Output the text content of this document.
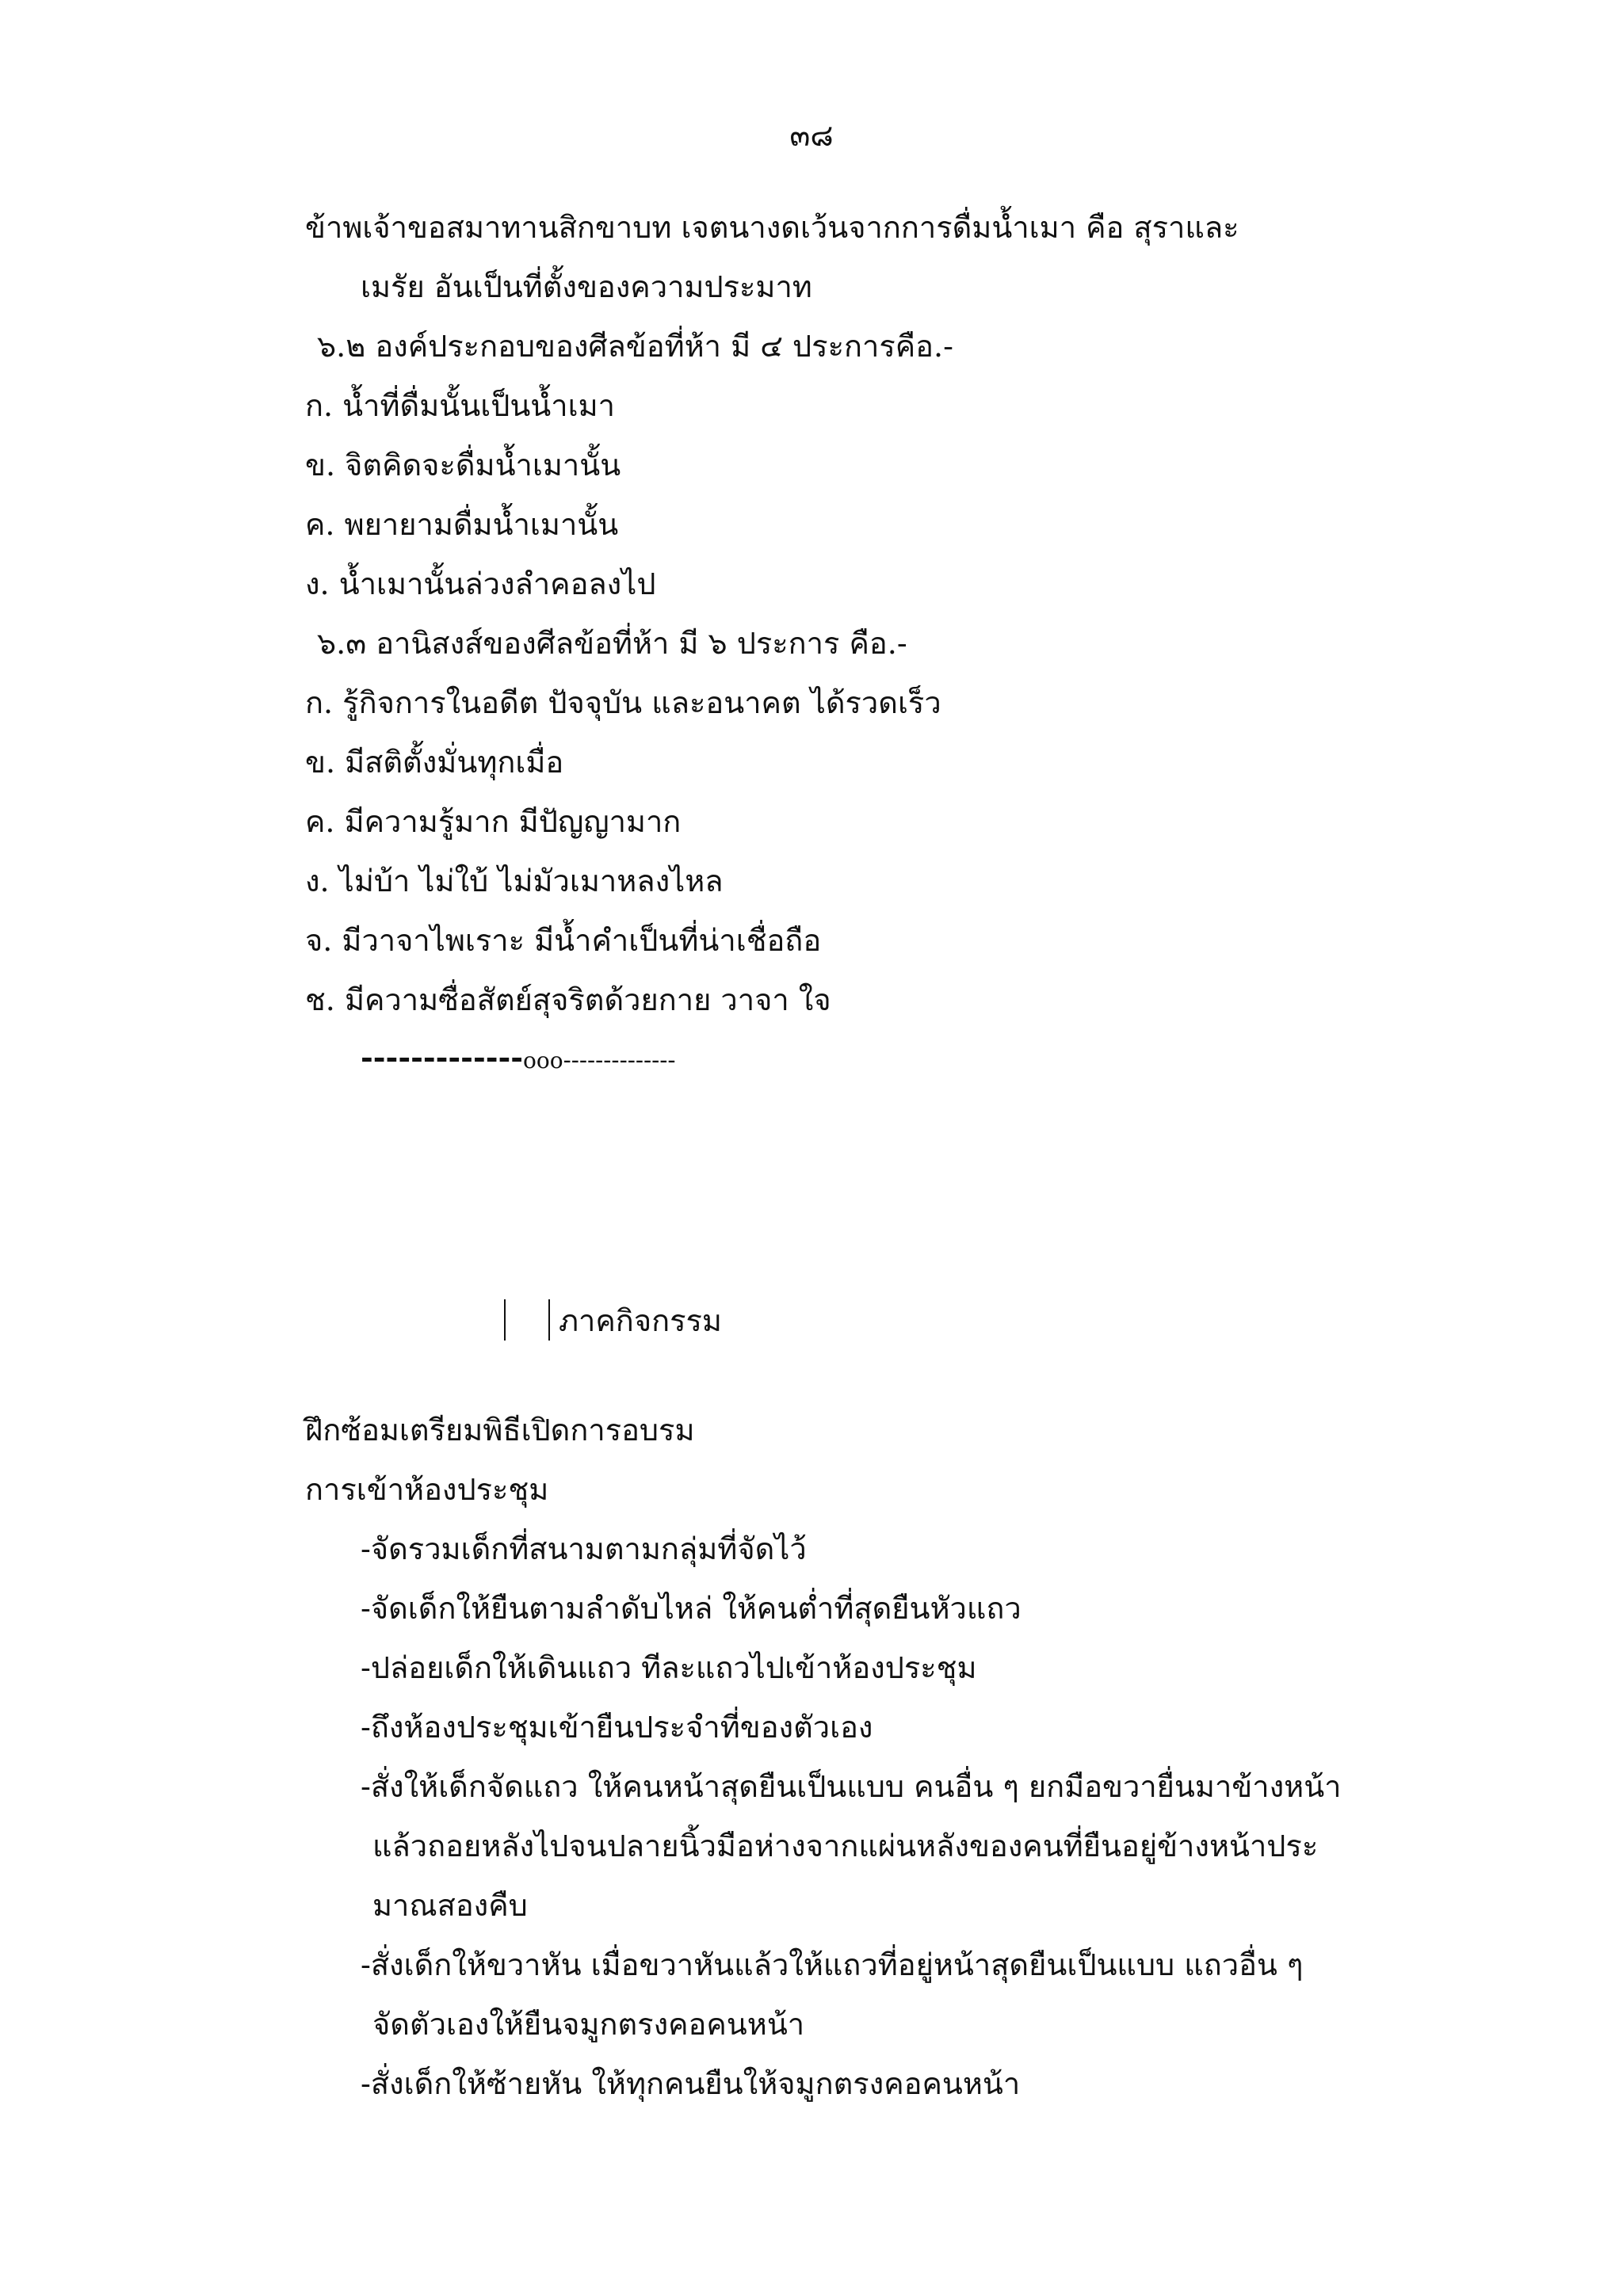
๓๘
ข้าพเจ้าขอสมาทานสิกขาบท เจตนางดเว้นจากการดื่มน้ำเมา คือ สุราและ
เมรัย อันเป็นที่ตั้งของความประมาท
๖.๒ องค์ประกอบของศีลข้อที่ห้า มี ๔ ประการคือ.-
ก. น้ำที่ดื่มนั้นเป็นน้ำเมา
ข. จิตคิดจะดื่มน้ำเมานั้น
ค. พยายามดื่มน้ำเมานั้น
ง. น้ำเมานั้นล่วงลำคอลงไป
๖.๓ อานิสงส์ของศีลข้อที่ห้า มี ๖ ประการ คือ.-
ก. รู้กิจการในอดีต ปัจจุบัน และอนาคต ได้รวดเร็ว
ข. มีสติตั้งมั่นทุกเมื่อ
ค. มีความรู้มาก มีปัญญามาก
ง. ไม่บ้า ไม่ใบ้ ไม่มัวเมาหลงไหล
จ. มีวาจาไพเราะ มีน้ำคำเป็นที่น่าเชื่อถือ
ช. มีความซื่อสัตย์สุจริตด้วยกาย วาจา ใจ
-------------ooo--------------
ภาคกิจกรรม
ฝึกซ้อมเตรียมพิธีเปิดการอบรม
การเข้าห้องประชุม
-จัดรวมเด็กที่สนามตามกลุ่มที่จัดไว้
-จัดเด็กให้ยืนตามลำดับไหล่ ให้คนต่ำที่สุดยืนหัวแถว
-ปล่อยเด็กให้เดินแถว ทีละแถวไปเข้าห้องประชุม
-ถึงห้องประชุมเข้ายืนประจำที่ของตัวเอง
-สั่งให้เด็กจัดแถว ให้คนหน้าสุดยืนเป็นแบบ คนอื่น ๆ ยกมือขวายื่นมาข้างหน้า
แล้วถอยหลังไปจนปลายนิ้วมือห่างจากแผ่นหลังของคนที่ยืนอยู่ข้างหน้าประ
มาณสองคืบ
-สั่งเด็กให้ขวาหัน เมื่อขวาหันแล้วให้แถวที่อยู่หน้าสุดยืนเป็นแบบ แถวอื่น ๆ
จัดตัวเองให้ยืนจมูกตรงคอคนหน้า
-สั่งเด็กให้ซ้ายหัน ให้ทุกคนยืนให้จมูกตรงคอคนหน้า
